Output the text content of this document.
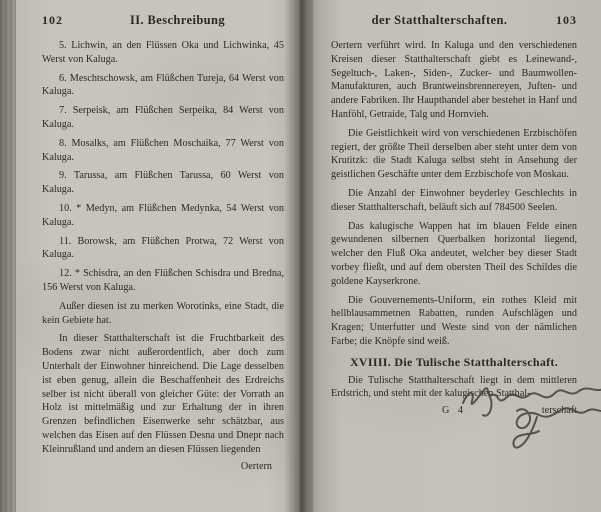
102	II. Beschreibung

5. Lichwin, an den Flüssen Oka und Lichwinka, 45 Werst von Kaluga.

6. Meschtschowsk, am Flüßchen Tureja, 64 Werst von Kaluga.

7. Serpeisk, am Flüßchen Serpeika, 84 Werst von Kaluga.

8. Mosalks, am Flüßchen Moschaika, 77 Werst von Kaluga.

9. Tarussa, am Flüßchen Tarussa, 60 Werst von Kaluga.

10. * Medyn, am Flüßchen Medynka, 54 Werst von Kaluga.

11. Borowsk, am Flüßchen Protwa, 72 Werst von Kaluga.

12. * Schisdra, an den Flüßchen Schisdra und Bredna, 156 Werst von Kaluga.

Außer diesen ist zu merken Worotinks, eine Stadt, die kein Gebiete hat.

In dieser Statthalterschaft ist die Fruchtbarkeit des Bodens zwar nicht außerordentlich, aber doch zum Unterhalt der Einwohner hinreichend. Die Lage desselben ist eben genug, allein die Beschaffenheit des Erdreichs selber ist nicht überall von gleicher Güte: der Vorrath an Holz ist mittelmäßig und zur Erhaltung der in ihren Grenzen befindlichen Eisenwerke sehr schätzbar, aus welchen das Eisen auf den Flüssen Desna und Dnepr nach Kleinrußland und andern an diesen Flüssen liegenden

Oertern
der Statthalterschaften.	103

Oertern verführt wird. In Kaluga und den verschiedenen Kreisen dieser Statthalterschaft giebt es Leinewand-, Segeltuch-, Laken-, Siden-, Zucker- und Baumwollen-Manufakturen, auch Brantweinsbrennereyen, Juften- und andere Fabriken. Ihr Haupthandel aber bestehet in Hanf und Hanföhl, Getraide, Talg und Hornvieh.

Die Geistlichkeit wird von verschiedenen Erzbischöfen regiert, der größte Theil derselben aber steht unter dem von Krutitzk: die Stadt Kaluga selbst steht in Ansehung der geistlichen Geschäfte unter dem Erzbischofe von Moskau.

Die Anzahl der Einwohner beyderley Geschlechts in dieser Statthalterschaft, beläuft sich auf 784500 Seelen.

Das kalugische Wappen hat im blauen Felde einen gewundenen silbernen Querbalken horizontal liegend, welcher den Fluß Oka andeutet, welcher bey dieser Stadt vorbey fließt, und auf dem obersten Theil des Schildes die goldene Kayserkrone.

Die Gouvernements-Uniform, ein rothes Kleid mit hellblausammetnen Rabatten, runden Aufschlägen und Kragen; Unterfutter und Weste sind von der nämlichen Farbe; die Knöpfe sind weiß.

XVIIII. Die Tulische Statthalterschaft.

Die Tulische Statthalterschaft liegt in dem mittleren Erdstrich, und steht mit der kalugischen Statthal-

G 4	terschaft
